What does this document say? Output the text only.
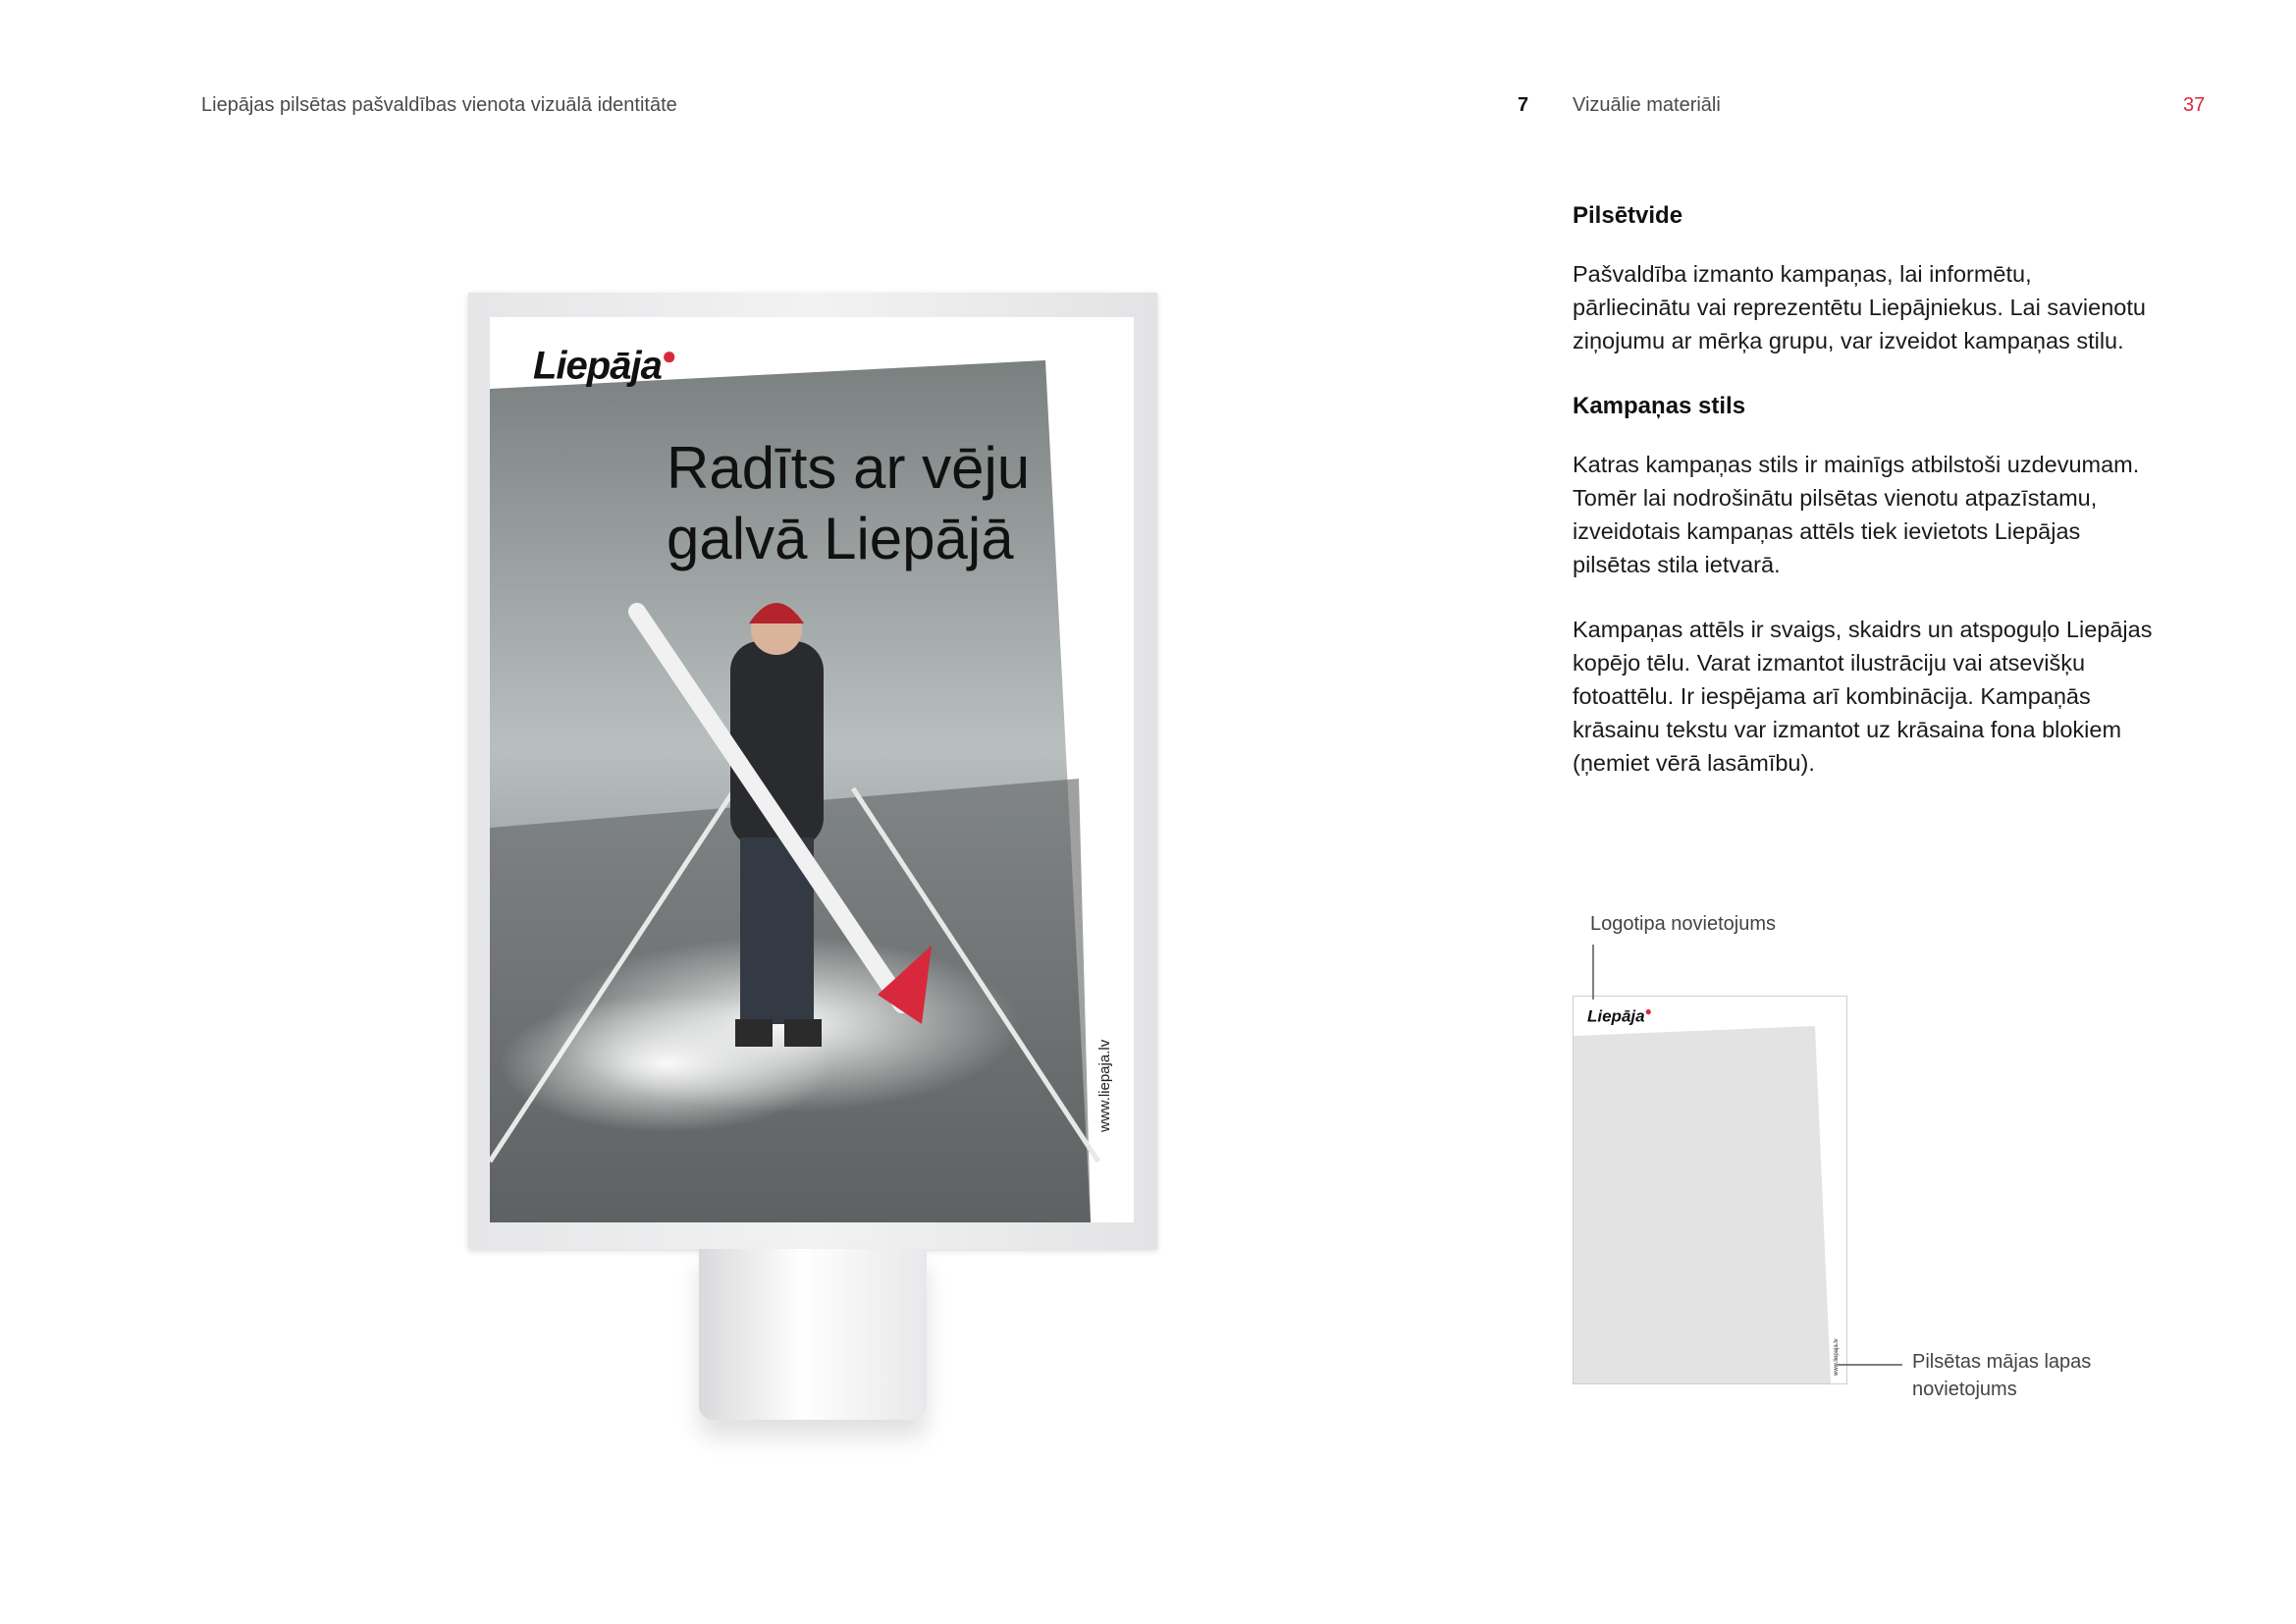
Liepājas pilsētas pašvaldības vienota vizuālā identitāte	7 Vizuālie materiāli	37
Liepāja●
Radīts ar vēju
galvā Liepājā
www.liepaja.lv
Pilsētvide

Pašvaldība izmanto kampaņas, lai informētu,
pārliecinātu vai reprezentētu Liepājniekus. Lai savienotu
ziņojumu ar mērķa grupu, var izveidot kampaņas stilu.

Kampaņas stils

Katras kampaņas stils ir mainīgs atbilstoši uzdevumam.
Tomēr lai nodrošinātu pilsētas vienotu atpazīstamu,
izveidotais kampaņas attēls tiek ievietots Liepājas
pilsētas stila ietvarā.

Kampaņas attēls ir svaigs, skaidrs un atspoguļo Liepājas
kopējo tēlu. Varat izmantot ilustrāciju vai atsevišķu
fotoattēlu. Ir iespējama arī kombinācija. Kampaņās
krāsainu tekstu var izmantot uz krāsaina fona blokiem
(ņemiet vērā lasāmību).

Logotipa novietojums
Pilsētas mājas lapas
novietojums
Liepāja●
www.liepaja.lv
